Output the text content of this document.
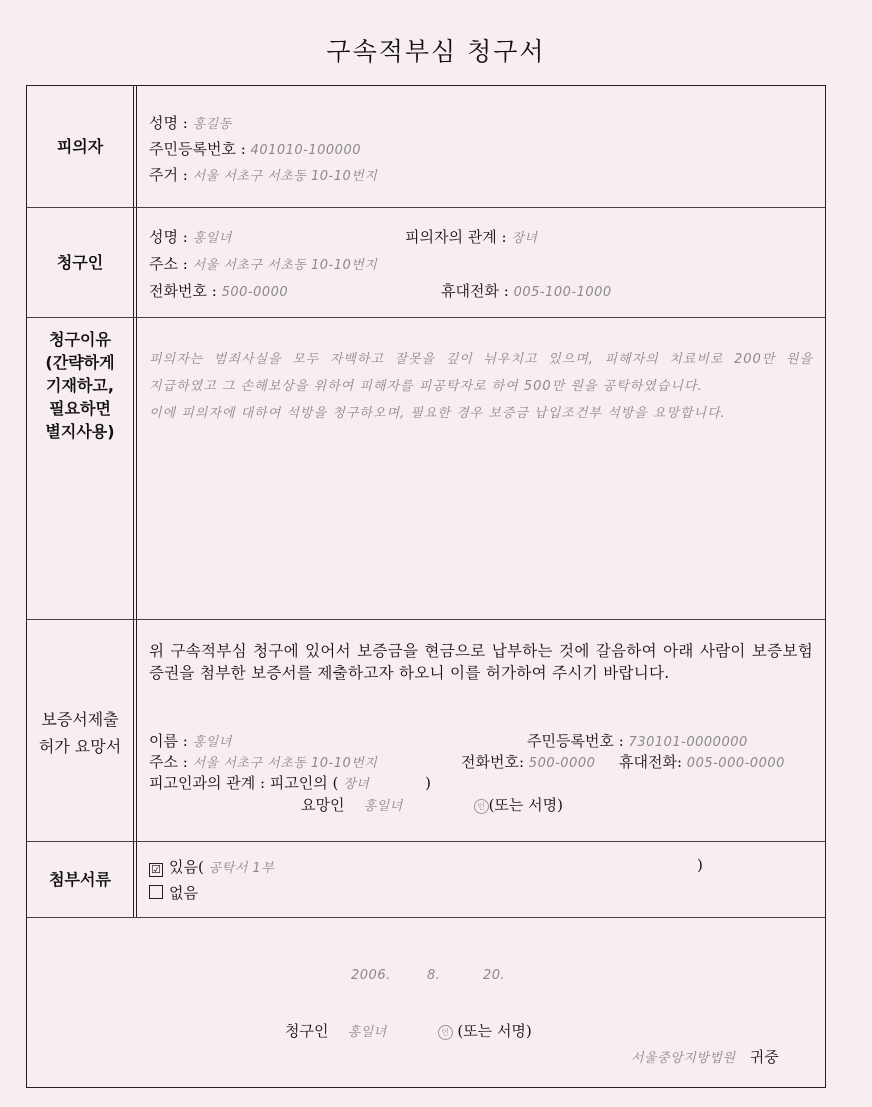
구속적부심 청구서
피의자
성명 : 홍길동
주민등록번호 : 401010-100000
주거 : 서울 서초구 서초동 10-10번지
청구인
성명 : 홍일녀	피의자의 관계 : 장녀
주소 : 서울 서초구 서초동 10-10번지
전화번호 : 500-0000	휴대전화 : 005-100-1000
청구이유
(간략하게
기재하고,
필요하면
별지사용)
피의자는 범죄사실을 모두 자백하고 잘못을 깊이 뉘우치고 있으며, 피해자의 치료비로 200만 원을 지급하였고 그 손해보상을 위하여 피해자를 피공탁자로 하여 500만 원을 공탁하였습니다.
이에 피의자에 대하여 석방을 청구하오며, 필요한 경우 보증금 납입조건부 석방을 요망합니다.
보증서제출
허가 요망서
위 구속적부심 청구에 있어서 보증금을 현금으로 납부하는 것에 갈음하여 아래 사람이 보증보험증권을 첨부한 보증서를 제출하고자 하오니 이를 허가하여 주시기 바랍니다.
이름 : 홍일녀	주민등록번호 : 730101-0000000
주소 : 서울 서초구 서초동 10-10번지	전화번호: 500-0000 휴대전화: 005-000-0000
피고인과의 관계 : 피고인의 ( 장녀	)
요망인 홍일녀	인 (또는 서명)
첨부서류
☑ 있음( 공탁서 1부	)
없음
2006.	8.	20.
청구인 홍일녀	인 (또는 서명)
서울중앙지방법원 귀중
